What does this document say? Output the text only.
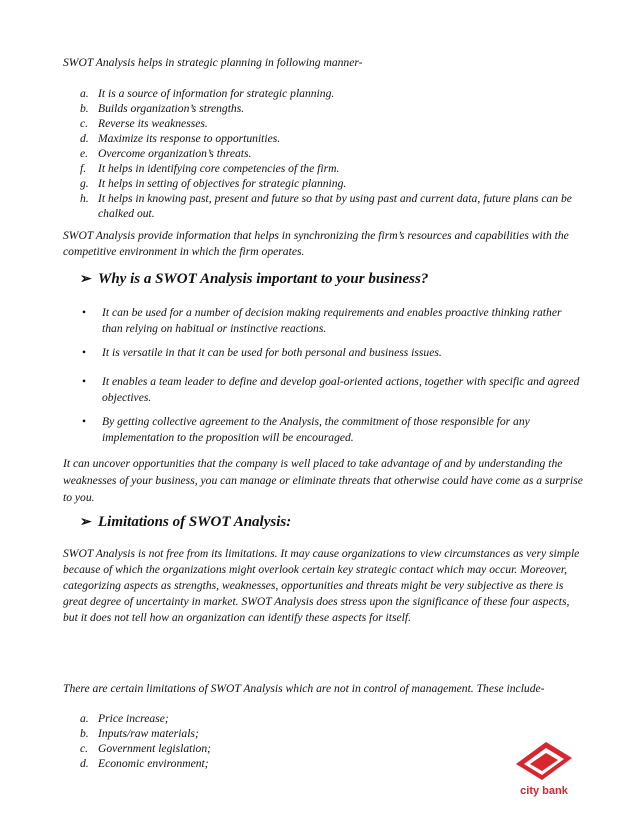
SWOT Analysis helps in strategic planning in following manner-

a. It is a source of information for strategic planning.
b. Builds organization’s strengths.
c. Reverse its weaknesses.
d. Maximize its response to opportunities.
e. Overcome organization’s threats.
f. It helps in identifying core competencies of the firm.
g. It helps in setting of objectives for strategic planning.
h. It helps in knowing past, present and future so that by using past and current data, future plans can be chalked out.

SWOT Analysis provide information that helps in synchronizing the firm’s resources and capabilities with the competitive environment in which the firm operates.

➢ Why is a SWOT Analysis important to your business?
• It can be used for a number of decision making requirements and enables proactive thinking rather than relying on habitual or instinctive reactions.
• It is versatile in that it can be used for both personal and business issues.
• It enables a team leader to define and develop goal-oriented actions, together with specific and agreed objectives.
• By getting collective agreement to the Analysis, the commitment of those responsible for any implementation to the proposition will be encouraged.

It can uncover opportunities that the company is well placed to take advantage of and by understanding the weaknesses of your business, you can manage or eliminate threats that otherwise could have come as a surprise to you.

➢ Limitations of SWOT Analysis:

SWOT Analysis is not free from its limitations. It may cause organizations to view circumstances as very simple because of which the organizations might overlook certain key strategic contact which may occur. Moreover, categorizing aspects as strengths, weaknesses, opportunities and threats might be very subjective as there is great degree of uncertainty in market. SWOT Analysis does stress upon the significance of these four aspects, but it does not tell how an organization can identify these aspects for itself.

There are certain limitations of SWOT Analysis which are not in control of management. These include-

a. Price increase;
b. Inputs/raw materials;
c. Government legislation;
d. Economic environment;
city bank
